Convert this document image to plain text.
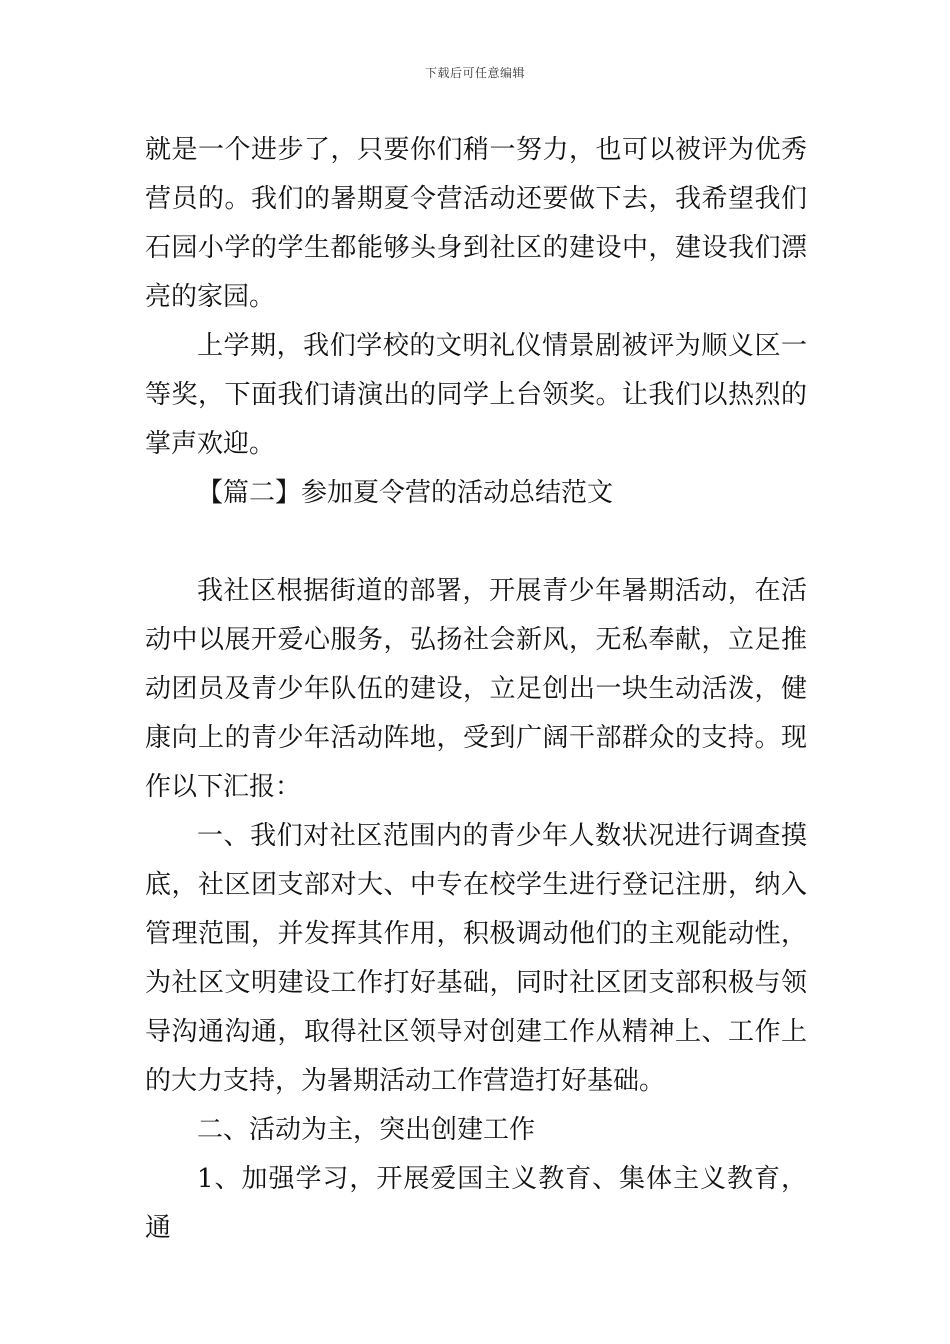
下载后可任意编辑

就是一个进步了，只要你们稍一努力，也可以被评为优秀营员的。我们的暑期夏令营活动还要做下去，我希望我们石园小学的学生都能够头身到社区的建设中，建设我们漂亮的家园。

上学期，我们学校的文明礼仪情景剧被评为顺义区一等奖，下面我们请演出的同学上台领奖。让我们以热烈的掌声欢迎。

【篇二】参加夏令营的活动总结范文

我社区根据街道的部署，开展青少年暑期活动，在活动中以展开爱心服务，弘扬社会新风，无私奉献，立足推动团员及青少年队伍的建设，立足创出一块生动活泼，健康向上的青少年活动阵地，受到广阔干部群众的支持。现作以下汇报：

一、我们对社区范围内的青少年人数状况进行调查摸底，社区团支部对大、中专在校学生进行登记注册，纳入管理范围，并发挥其作用，积极调动他们的主观能动性，为社区文明建设工作打好基础，同时社区团支部积极与领导沟通沟通，取得社区领导对创建工作从精神上、工作上的大力支持，为暑期活动工作营造打好基础。

二、活动为主，突出创建工作

1、加强学习，开展爱国主义教育、集体主义教育，通
